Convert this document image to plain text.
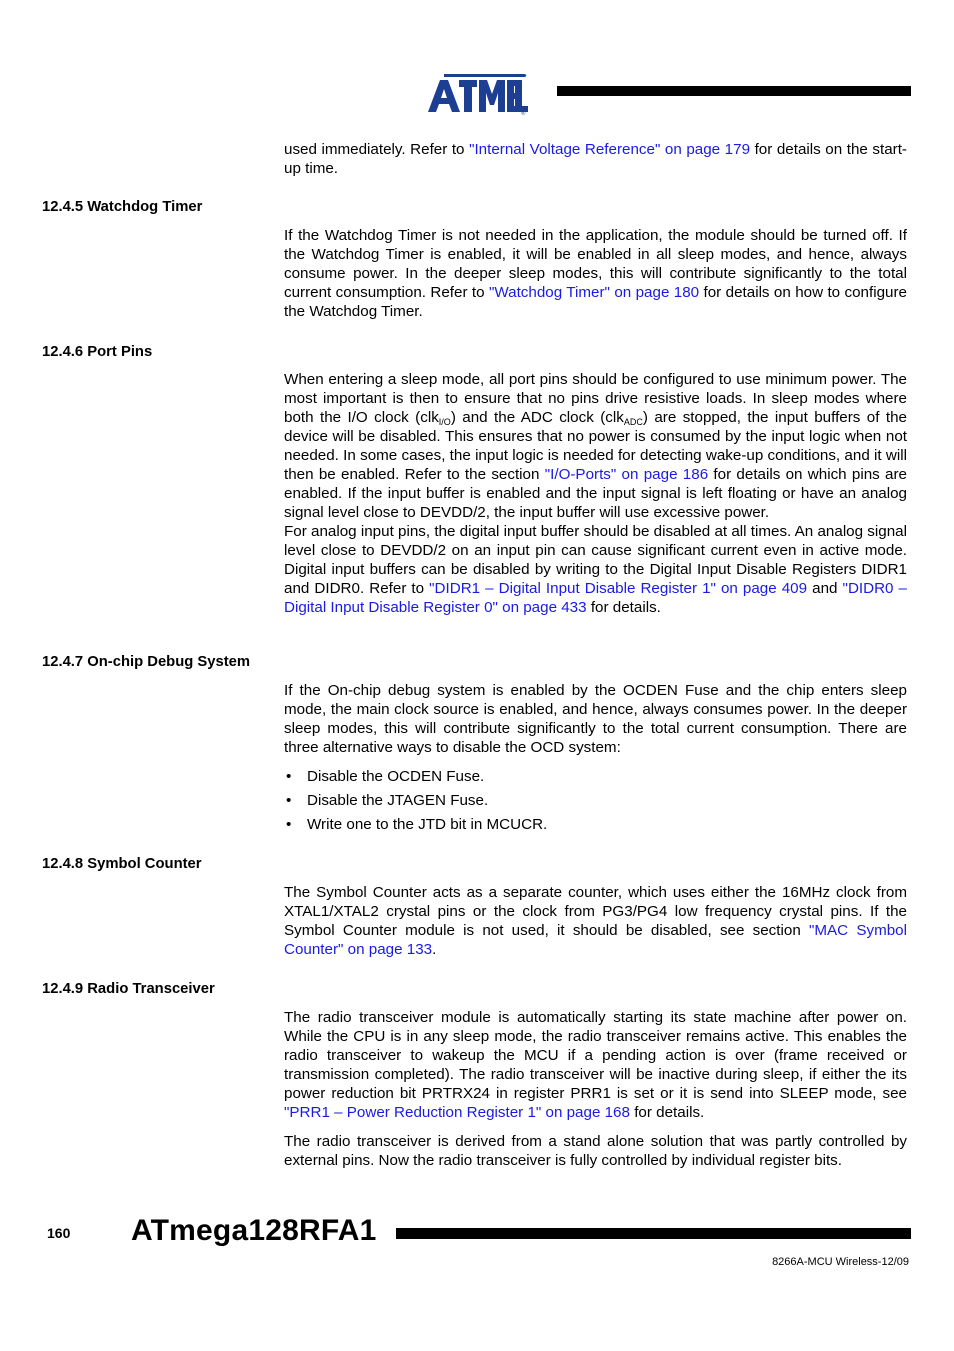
®

used immediately. Refer to "Internal Voltage Reference" on page 179 for details on the start-up time.

12.4.5 Watchdog Timer

If the Watchdog Timer is not needed in the application, the module should be turned off. If the Watchdog Timer is enabled, it will be enabled in all sleep modes, and hence, always consume power. In the deeper sleep modes, this will contribute significantly to the total current consumption. Refer to "Watchdog Timer" on page 180 for details on how to configure the Watchdog Timer.

12.4.6 Port Pins

When entering a sleep mode, all port pins should be configured to use minimum power. The most important is then to ensure that no pins drive resistive loads. In sleep modes where both the I/O clock (clk$_{I/O}$) and the ADC clock (clk$_{ADC}$) are stopped, the input buffers of the device will be disabled. This ensures that no power is consumed by the input logic when not needed. In some cases, the input logic is needed for detecting wake-up conditions, and it will then be enabled. Refer to the section "I/O-Ports" on page 186 for details on which pins are enabled. If the input buffer is enabled and the input signal is left floating or have an analog signal level close to DEVDD/2, the input buffer will use excessive power.

For analog input pins, the digital input buffer should be disabled at all times. An analog signal level close to DEVDD/2 on an input pin can cause significant current even in active mode. Digital input buffers can be disabled by writing to the Digital Input Disable Registers DIDR1 and DIDR0. Refer to "DIDR1 – Digital Input Disable Register 1" on page 409 and "DIDR0 – Digital Input Disable Register 0" on page 433 for details.

12.4.7 On-chip Debug System

If the On-chip debug system is enabled by the OCDEN Fuse and the chip enters sleep mode, the main clock source is enabled, and hence, always consumes power. In the deeper sleep modes, this will contribute significantly to the total current consumption. There are three alternative ways to disable the OCD system:

• Disable the OCDEN Fuse.
• Disable the JTAGEN Fuse.
• Write one to the JTD bit in MCUCR.
12.4.8 Symbol Counter

The Symbol Counter acts as a separate counter, which uses either the 16MHz clock from XTAL1/XTAL2 crystal pins or the clock from PG3/PG4 low frequency crystal pins. If the Symbol Counter module is not used, it should be disabled, see section "MAC Symbol Counter" on page 133.

12.4.9 Radio Transceiver

The radio transceiver module is automatically starting its state machine after power on. While the CPU is in any sleep mode, the radio transceiver remains active. This enables the radio transceiver to wakeup the MCU if a pending action is over (frame received or transmission completed). The radio transceiver will be inactive during sleep, if either the its power reduction bit PRTRX24 in register PRR1 is set or it is send into SLEEP mode, see "PRR1 – Power Reduction Register 1" on page 168 for details.

The radio transceiver is derived from a stand alone solution that was partly controlled by external pins. Now the radio transceiver is fully controlled by individual register bits.

160 ATmega128RFA1
8266A-MCU Wireless-12/09
